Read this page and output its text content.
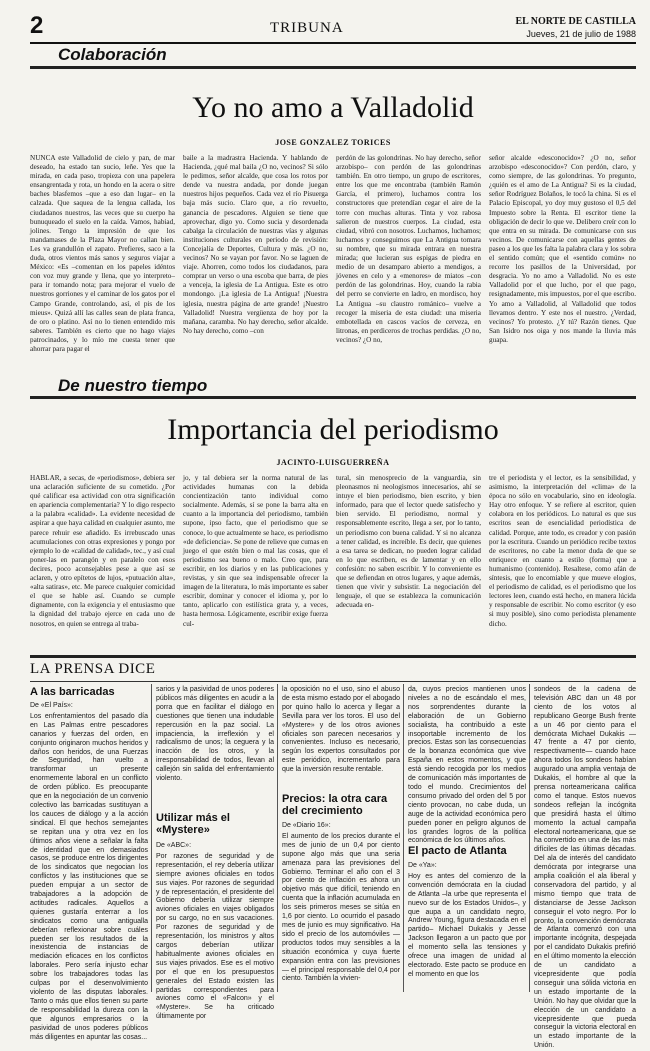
2	TRIBUNA	EL NORTE DE CASTILLA
Jueves, 21 de julio de 1988
Colaboración
Yo no amo a Valladolid
JOSE GONZALEZ TORICES

NUNCA este Valladolid de cielo y pan, de mar deseado, ha estado tan sucio, leñe. Yes que la mirada, en cada paso, tropieza con una papelera ensangrentada y rota, un hondo en la acera o sitre baches blasfemos –que a eso dan lugar– en la calzada. Que saquea de la lengua callada, los ciudadanos nuestros, las veces que su cuerpo ha bunuqueado el suelo en la caída. Vamos, habiad, jolines. Tengo la impresión de que los mandamases de la Plaza Mayor no callan bien. Les va grandullón el zapato. Prefieres, saco a la duda, otros vientos más sanos y seguros viajar a México: «Es –comentan en los papeles idéntos con voz muy grande y llena, que yo interpreto– para ir tomando nota; para mejorar el vuelo de nuestros gorriones y el caminar de los gatos por el Campo Grande, controlando, así, el pis de los mieus». Quizá allí las calles sean de plata franca, de oro o platino. Así no lo tienen entendido mis saberes. También es cierto que no hago viajes patrocinados, y lo mío me cuesta tener que ahorrar para pagar el

baile a la madrastra Hacienda. Y hablando de Hacienda, ¿qué mal baila ¿O no, vecinos? Si sólo le pedimos, señor alcalde, que cosa los rotos por dende va nuestra andada, por donde juegan nuestros hijos pequeños. Cada vez el río Pisuerga baja más sucio. Claro que, a río revuelto, ganancia de pescadores. Alguien se tiene que aprovechar, digo yo. Como sucia y desordenada cabalga la circulación de nuestras vías y algunas instituciones culturales en periodo de revisión: Concejalía de Deportes, Cultura y más. ¿O no, vecinos? No se vayan por favor. No se laguen de viaje. Ahorren, como todos los ciudadanos, para comprar un verso o una escoba que barra, de pies a venceja, la iglesia de La Antigua. Este es otro mondongo. ¡La iglesia de La Antigua! ¡Nuestra iglesia, nuestra página de arte grande! ¡Nuestro Valladolid! Nuestra vergüenza de hoy por la mañana, caramba. No hay derecho, señor alcalde. No hay derecho, como –con

perdón de las golondrinas. No hay derecho, señor arzobispo– con perdón de las golondrinas también. En otro tiempo, un grupo de escritores, entre los que me encontraba (también Ramón García, el primero), luchamos contra los constructores que pretendían cegar el aire de la torre con muchas alturas. Tinta y voz rabosa salieron de nuestros cuerpos. La ciudad, esta ciudad, vibró con nosotros. Luchamos, luchamos; luchamos y conseguimos que La Antigua tomara su nombre, que su mirada entrara en nuestra mirada; que lucieran sus espigas de piedra en medio de un desamparo abierto a mendigos, a jóvenes en celo y a «menores» de miatos –con perdón de las golondrinas. Hoy, cuando la rabia del perro se convierte en ladro, en mordisco, hoy La Antigua –su claustro románico– vuelve a recoger la miseria de esta ciudad: una miseria embotellada en cascos vacíos de cerveza, en litronas, en perdiceros de trochas perdidas. ¿O no, vecinos? ¿O no,

señor alcalde «desconocido»? ¿O no, señor arzobispo «desconocido»? Con perdón, claro, y como siempre, de las golondrinas. Yo pregunto, ¿quién es el amo de La Antigua? Si es la ciudad, señor Rodríguez Bolaños, le tocó la china. Si es el Palacio Episcopal, yo doy muy gustoso el 0,5 del Impuesto sobre la Renta. El escritor tiene la obligación de decir lo que ve. Delibero creír con lo que entra en su mirada. De comunicarse con sus vecinos. De comunicarse con aquellas gentes de paseo a los que les falta la palabra clara y los sobra el sentido común; que el «sentido común» no recorre los pasillos de la Universidad, por desgracia. Yo no amo a Valladolid. No es este Valladolid por el que lucho, por el que pago, resignadamente, mis impuestos, por el que escribo. Yo amo a Valladolid, al Valladolid que todos llevamos dentro. Y este nos el nuestro. ¿Verdad, vecinos? Yo protesto. ¿Y tú? Razón tienes. Que San Isidro nos oiga y nos mande la lluvia más guapa.

De nuestro tiempo
Importancia del periodismo
JACINTO-LUISGUERREÑA

HABLAR, a secas, de «periodismos», debiera ser una aclaración suficiente de su cometido. ¿Por qué calificar esa actividad con otra significación en apariencia complementaria? Y lo digo respecto a la palabra «calidad». La evidente necesidad de aspirar a que haya calidad en cualquier asunto, me parece rehuir ese añadido. Es irrebuscado unas acumulaciones con otras expresiones y pongo por ejemplo lo de «calidad de calidad», tec., y así cual poner-las en parangón y en paralelo con esos decires, poco aconsejables pese a que así se aclaren, y otro epítetos de lujos, «putuación alta», «alta satiras», etc. Me parece cualquier comicidad el que se hable así. Cuando se cumple dignamente, con la exigencia y el entusiasmo que la dignidad del trabajo ejerce en cada uno de nosotros, en quien se entrega al traba-

jo, y tal debiera ser la norma natural de las actividades humanas con la debida concientización tanto individual como socialmente. Además, sí se pone la barra alta en cuanto a la importancia del periodismo, también supone, ipso facto, que el periodismo que se conoce, lo que actualmente se hace, es periodismo «de deficiencia». Se pone de relieve que cumas en juego el que estén bien o mal las cosas, que el periodismo sea bueno o malo. Creo que, para escribir, en los diarios y en las publicaciones y revistas, y sin que sea indispensable ofrecer la imagen de la literatura, lo más importante es saber escribir, dominar y conocer el idioma y, por lo tanto, aplicarlo con estilística grata y, a veces, hasta hermosa. Lógicamente, escribir exige fuerza cul-

tural, sin menosprecio de la vanguardia, sin pleonasmos ni neologismos innecesarios, ahí se intuye el bien periodismo, bien escrito, y bien informado, para que el lector quede satisfecho y bien servido. El periodismo, normal y responsablemente escrito, llega a ser, por lo tanto, un periodismo con buena calidad. Y si no alcanza a tener calidad, es increíble. Es decir, que quienes a esa tarea se dedican, no pueden lograr calidad en lo que escriben, es de lamentar y en ello confesión: no saben escribir. Y lo conveniente es que se defiendan en otros lugares, y aque además, tienen que vivir y subsistir. La negociación del lenguaje, el que se establezca la comunicación adecuada en-

tre el periodista y el lector, es la sensibilidad, y asimismo, la interpretación del «clima» de la época no sólo en vocabulario, sino en ideología. Hay otro enfoque. Y se refiere al escritor, quien colabora en los periódicos. Lo natural es que sus escritos sean de esencialidad periodística de calidad. Porque, ante todo, es creador y con pasión por la escritura. Cuando un periódico recibe textos de escritores, no cabe la menor duda de que se enriquece en cuanto a estilo (forma) que a humanismo (contenido). Resaltese, como afán de síntesis, que lo encomiable y que mueve elogios, el periodismo de calidad, es el periodismo que los lectores leen, cuando está hecho, en manera lúcida y responsable de escribir. No como escritor (y eso si muy posible), sino como periodista plenamente dicho.

LA PRENSA DICE
A las barricadas

De «El País»:

Los enfrentamientos del pasado día en Las Palmas entre pescadores canarios y fuerzas del orden, en conjunto originaron muchos heridos y daños con heridos, de una Fuerzas de Seguridad, han vuelto a transformar un presente enormemente laboral en un conflicto de orden público. Es preocupante que en la negociación de un convenio colectivo las barricadas sustituyan a los cauces de diálogo y a la acción sindical. El que hechos semejantes se repitan una y otra vez en los últimos años viene a señalar la falta de identidad que en demasiados casos, se produce entre los dirigentes de los sindicatos que negocian los conflictos y las instituciones que se pueden empujar a un sector de trabajadores a la adopción de actitudes radicales. Aquellos a quienes gustaría enterrar a los sindicatos como una antigualla deberían reflexionar sobre cuáles pueden ser los resultados de la inexistencia de instancias de mediación eficaces en los conflictos laborales. Pero sería injusto echar sobre los trabajadores todas las culpas por el desenvolvimiento violento de las disputas laborales. Tanto o más que ellos tienen su parte de responsabilidad la dureza con la que algunos empresarios o la pasividad de unos poderes públicos más diligentes en apuntar las cosas...

sarios y la pasividad de unos poderes públicos más diligentes en acudir a la porra que en facilitar el diálogo en cuestiones que tienen una indudable repercusión en la paz social. La impaciencia, la irreflexión y el radicalismo de unos; la ceguera y la inacción de los otros, y la irresponsabilidad de todos, llevan al callejón sin salida del enfrentamiento violento.

Utilizar más el «Mystere»

De «ABC»:

Por razones de seguridad y de representación, el rey debería utilizar siempre aviones oficiales en todos sus viajes. Por razones de seguridad y de representación, el presidente del Gobierno debería utilizar siempre aviones oficiales en viajes obligados por su cargo, no en sus vacaciones. Por razones de seguridad y de representación, los ministros y altos cargos deberían utilizar habitualmente aviones oficiales en sus viajes privados. Ese es el motivo por el que en los presupuestos generales del Estado existen las partidas correspondientes para aviones como el «Falcon» y el «Mystere». Se ha criticado últimamente por

la oposición no el uso, sino el abuso de esta mismo estado por el abogado por quino hallo lo acerca y llegar a Sevilla para ver los toros. El uso del «Mystere» y de los otros aviones oficiales son parecen necesarios y convenientes. Incluso es necesario, según los expertos consultados por este periódico, incrementarlo para que la inversión resulte rentable.

Precios: la otra cara del crecimiento

De «Diario 16»:

El aumento de los precios durante el mes de junio de un 0,4 por ciento supone algo más que una seria amenaza para las previsiones del Gobierno. Terminar el año con el 3 por ciento de inflación es ahora un objetivo más que difícil, teniendo en cuenta que la inflación acumulada en los seis primeros meses se sitúa en 1,6 por ciento. Lo ocurrido el pasado mes de junio es muy significativo. Ha sido el precio de los automóviles —productos todos muy sensibles a la situación económica y cuya fuerte expansión entra con las previsiones— el principal responsable del 0,4 por ciento. También la vivien-

da, cuyos precios mantienen unos niveles a no de escándalo el mes, nos sorprendentes durante la elaboración de un Gobierno socialista, ha contribuido a este insoportable incremento de los precios. Estas son las consecuencias de la bonanza económica que vive España en estos momentos, y que está siendo recogida por los medios de comunicación más importantes de todo el mundo. Crecimientos del consumo privado del orden del 5 por ciento provocan, no cabe duda, un auge de la actividad económica pero pueden poner en peligro algunos de los grandes logros de la política económica de los últimos años.

El pacto de Atlanta

De «Ya»:

Hoy es antes del comienzo de la convención demócrata en la ciudad de Atlanta –la urbe que representa el nuevo sur de los Estados Unidos–, y que aupa a un candidato negro, Andrew Young, figura destacada en el partido– Michael Dukakis y Jesse Jackson llegaron a un pacto que por el momento sella las tensiones y ofrece una imagen de unidad al electorado. Este pacto se produce en el momento en que los

sondeos de la cadena de televisión ABC dan un 48 por ciento de los votos al republicano George Bush frente a un 46 por ciento para el demócrata Michael Dukakis —47 frente a 47 por ciento, respectivamente— cuando hace ahora todos los sondeos habían augurado una amplia ventaja de Dukakis, el hombre al que la prensa norteamericana califica como el tanque. Estos nuevos sondeos reflejan la incógnita que presidirá hasta el último momento la actual campaña electoral norteamericana, que se ha convertido en una de las más difíciles de las últimas décadas. Del ala de interés del candidato demócrata por integrarse una amplia coalición el ala liberal y conservadora del partido, y al mismo tiempo que trata de distanciarse de Jesse Jackson conseguir el voto negro. Por lo pronto, la convención demócrata de Atlanta comenzó con una importante incógnita, despejada por el candidato Dukakis prefirió en el último momento la elección de un candidato a vicepresidente que podía conseguir una sólida victoria en un estado importante de la Unión. No hay que olvidar que la elección de un candidato a vicepresidente que pueda conseguir la victoria electoral en un estado importante de la Unión.
